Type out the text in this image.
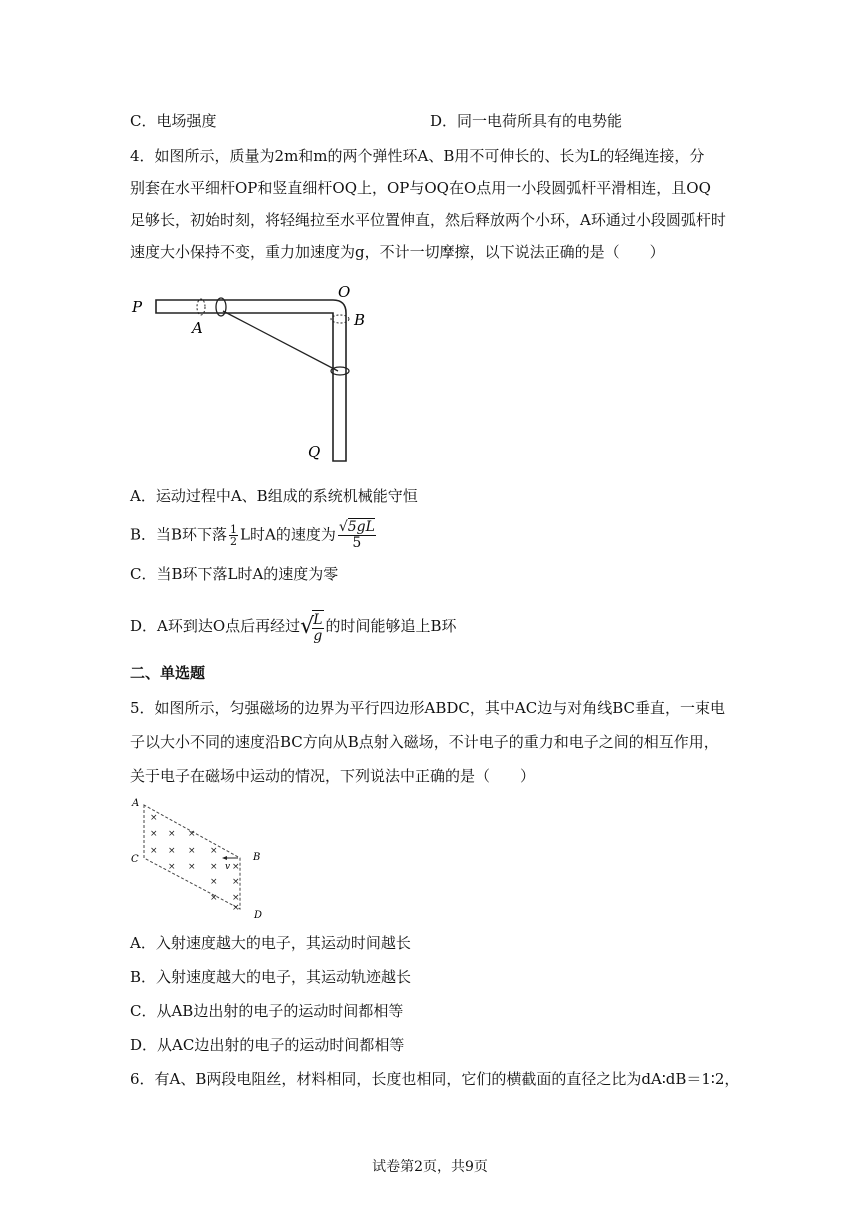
C．电场强度	D．同一电荷所具有的电势能
4．如图所示，质量为2m和m的两个弹性环A、B用不可伸长的、长为L的轻绳连接，分
别套在水平细杆OP和竖直细杆OQ上，OP与OQ在O点用一小段圆弧杆平滑相连，且OQ
足够长，初始时刻，将轻绳拉至水平位置伸直，然后释放两个小环，A环通过小段圆弧杆时
速度大小保持不变，重力加速度为g，不计一切摩擦，以下说法正确的是（　　）
P
A
O
B
Q
A．运动过程中A、B组成的系统机械能守恒
B．当B环下落 $\frac{1}{2}$ L时A的速度为 $\frac{√5gL}{5}$
C．当B环下落L时A的速度为零
D．A环到达O点后再经过√
$\frac{L}{g}$ 的时间能够追上B环
二、单选题
5．如图所示，匀强磁场的边界为平行四边形ABDC，其中AC边与对角线BC垂直，一束电
子以大小不同的速度沿BC方向从B点射入磁场，不计电子的重力和电子之间的相互作用，
关于电子在磁场中运动的情况，下列说法中正确的是（　　）
×
× × ×
× × × ×
× × × ×
× ×
× ×
×
A
C	B
D
v
A．入射速度越大的电子，其运动时间越长
B．入射速度越大的电子，其运动轨迹越长
C．从AB边出射的电子的运动时间都相等
D．从AC边出射的电子的运动时间都相等
6．有A、B两段电阻丝，材料相同，长度也相同，它们的横截面的直径之比为dA∶dB＝1∶2，
试卷第2页，共9页
